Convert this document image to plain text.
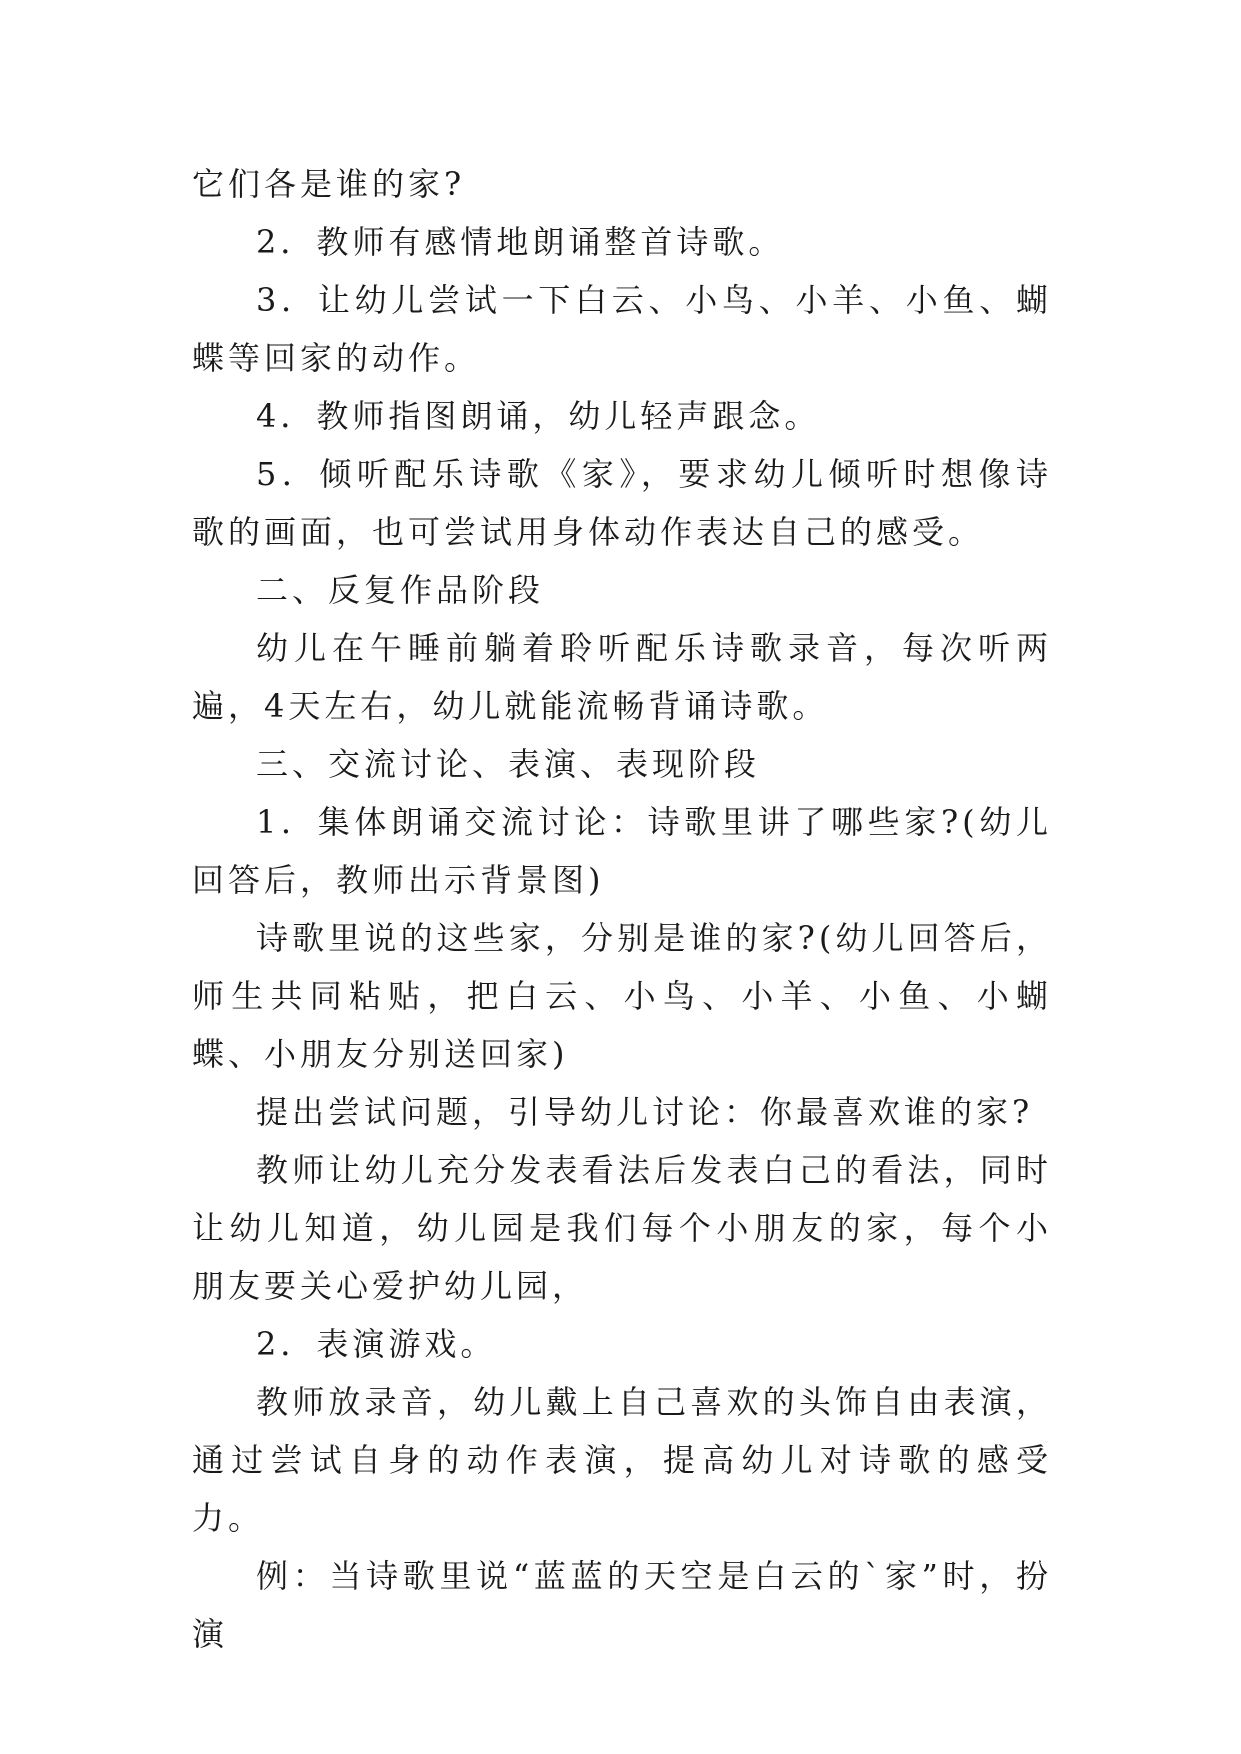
它们各是谁的家?

2．教师有感情地朗诵整首诗歌。

3．让幼儿尝试一下白云、小鸟、小羊、小鱼、蝴蝶等回家的动作。

4．教师指图朗诵，幼儿轻声跟念。

5．倾听配乐诗歌《家》，要求幼儿倾听时想像诗歌的画面，也可尝试用身体动作表达自己的感受。

二、反复作品阶段

幼儿在午睡前躺着聆听配乐诗歌录音，每次听两遍，4天左右，幼儿就能流畅背诵诗歌。

三、交流讨论、表演、表现阶段

1．集体朗诵交流讨论：诗歌里讲了哪些家?(幼儿回答后，教师出示背景图)

诗歌里说的这些家，分别是谁的家?(幼儿回答后，师生共同粘贴，把白云、小鸟、小羊、小鱼、小蝴蝶、小朋友分别送回家)

提出尝试问题，引导幼儿讨论：你最喜欢谁的家?

教师让幼儿充分发表看法后发表白己的看法，同时让幼儿知道，幼儿园是我们每个小朋友的家，每个小朋友要关心爱护幼儿园，

2．表演游戏。

教师放录音，幼儿戴上自己喜欢的头饰自由表演，通过尝试自身的动作表演，提高幼儿对诗歌的感受力。

例：当诗歌里说“蓝蓝的天空是白云的`家”时，扮演
